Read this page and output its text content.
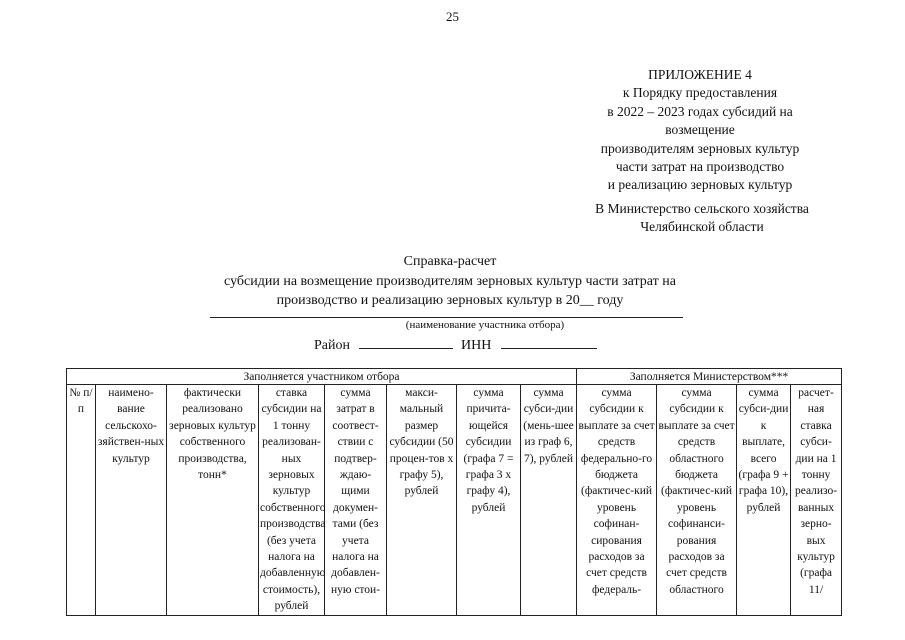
25
ПРИЛОЖЕНИЕ 4
к Порядку предоставления
в 2022 – 2023 годах субсидий на
возмещение
производителям зерновых культур
части затрат на производство
и реализацию зерновых культур
В Министерство сельского хозяйства
Челябинской области
Справка-расчет
субсидии на возмещение производителям зерновых культур части затрат на
производство и реализацию зерновых культур в 20__ году
(наименование участника отбора)
Район	ИНН
Заполняется участником отбора								Заполняется Министерством***			
№ п/п	наимено-вание сельскохо-зяйствен-ных культур	фактически реализовано зерновых культур собственного производства, тонн*	ставка субсидии на 1 тонну реализован-ных зерновых культур собственного производства (без учета налога на добавленную стоимость), рублей	сумма затрат в соотвест-ствии с подтвер-ждаю-щими докумен-тами (без учета налога на добавлен-ную стои-	макси-мальный размер субсидии (50 процен-тов х графу 5), рублей	сумма причита-ющейся субсидии (графа 7 = графа 3 х графу 4), рублей	сумма субси-дии (мень-шее из граф 6, 7), рублей	сумма субсидии к выплате за счет средств федерально-го бюджета (фактичес-кий уровень софинан-сирования расходов за счет средств федераль-	сумма субсидии к выплате за счет средств областного бюджета (фактичес-кий уровень софинанси-рования расходов за счет средств областного	сумма субси-дии к выплате, всего (графа 9 + графа 10), рублей	расчет-ная ставка субси-дии на 1 тонну реализо-ванных зерно-вых культур (графа 11/
